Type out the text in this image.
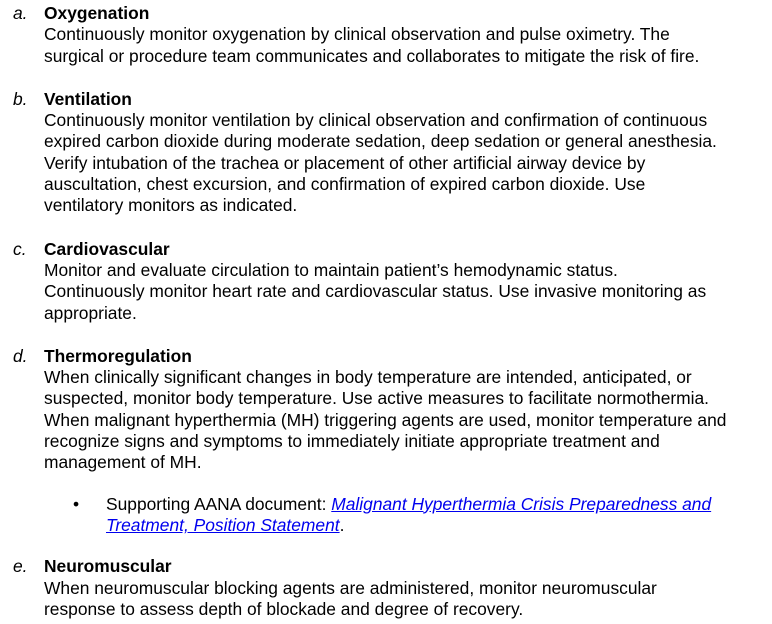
a. Oxygenation
Continuously monitor oxygenation by clinical observation and pulse oximetry. The
surgical or procedure team communicates and collaborates to mitigate the risk of fire.
b. Ventilation
Continuously monitor ventilation by clinical observation and confirmation of continuous
expired carbon dioxide during moderate sedation, deep sedation or general anesthesia.
Verify intubation of the trachea or placement of other artificial airway device by
auscultation, chest excursion, and confirmation of expired carbon dioxide. Use
ventilatory monitors as indicated.
c. Cardiovascular
Monitor and evaluate circulation to maintain patient’s hemodynamic status.
Continuously monitor heart rate and cardiovascular status. Use invasive monitoring as
appropriate.
d. Thermoregulation
When clinically significant changes in body temperature are intended, anticipated, or
suspected, monitor body temperature. Use active measures to facilitate normothermia.
When malignant hyperthermia (MH) triggering agents are used, monitor temperature and
recognize signs and symptoms to immediately initiate appropriate treatment and
management of MH.
• Supporting AANA document: Malignant Hyperthermia Crisis Preparedness and Treatment, Position Statement.
e. Neuromuscular
When neuromuscular blocking agents are administered, monitor neuromuscular
response to assess depth of blockade and degree of recovery.
